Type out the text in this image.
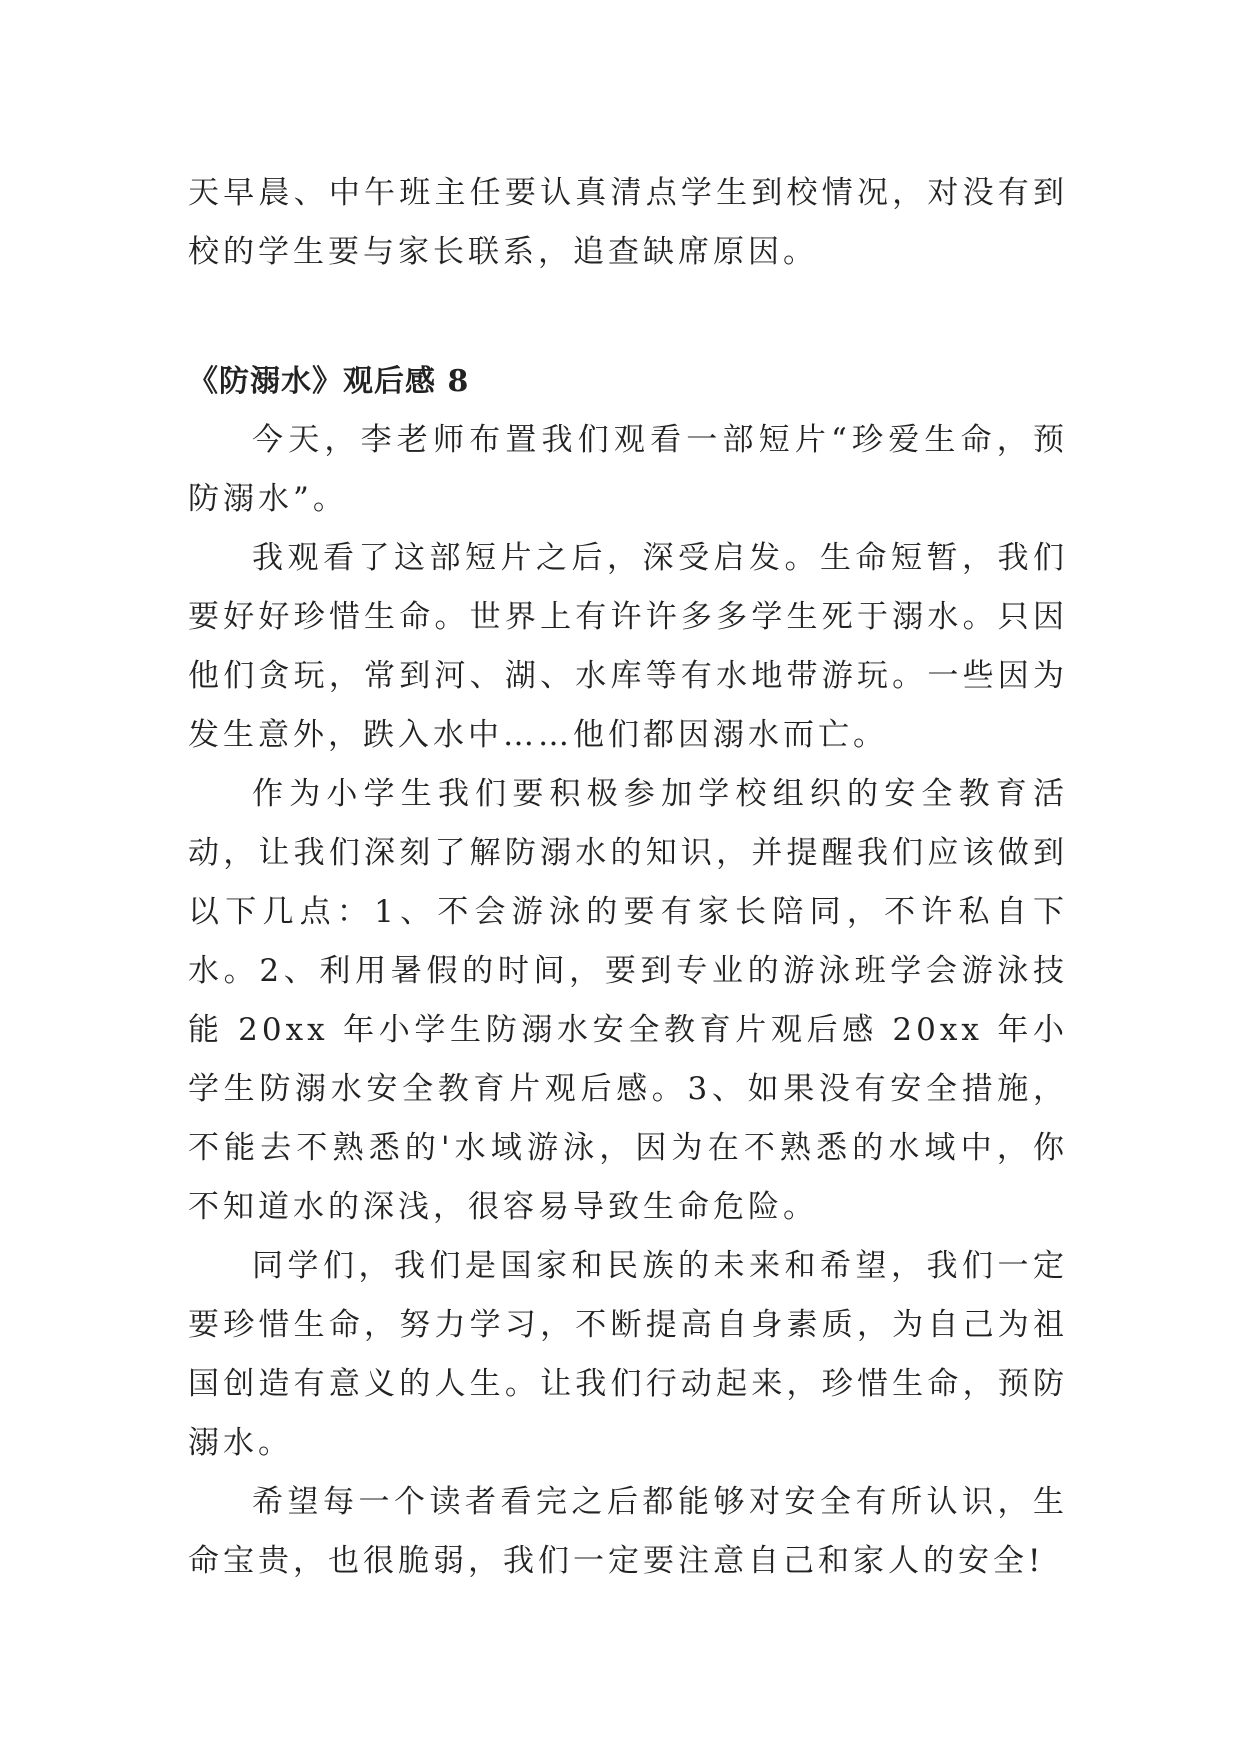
天早晨、中午班主任要认真清点学生到校情况，对没有到校的学生要与家长联系，追查缺席原因。

《防溺水》观后感 8

今天，李老师布置我们观看一部短片“珍爱生命，预防溺水”。

我观看了这部短片之后，深受启发。生命短暂，我们要好好珍惜生命。世界上有许许多多学生死于溺水。只因他们贪玩，常到河、湖、水库等有水地带游玩。一些因为发生意外，跌入水中……他们都因溺水而亡。

作为小学生我们要积极参加学校组织的安全教育活动，让我们深刻了解防溺水的知识，并提醒我们应该做到以下几点：1、不会游泳的要有家长陪同，不许私自下水。2、利用暑假的时间，要到专业的游泳班学会游泳技能 20xx 年小学生防溺水安全教育片观后感 20xx 年小学生防溺水安全教育片观后感。3、如果没有安全措施，不能去不熟悉的'水域游泳，因为在不熟悉的水域中，你不知道水的深浅，很容易导致生命危险。

同学们，我们是国家和民族的未来和希望，我们一定要珍惜生命，努力学习，不断提高自身素质，为自己为祖国创造有意义的人生。让我们行动起来，珍惜生命，预防溺水。

希望每一个读者看完之后都能够对安全有所认识，生命宝贵，也很脆弱，我们一定要注意自己和家人的安全!
